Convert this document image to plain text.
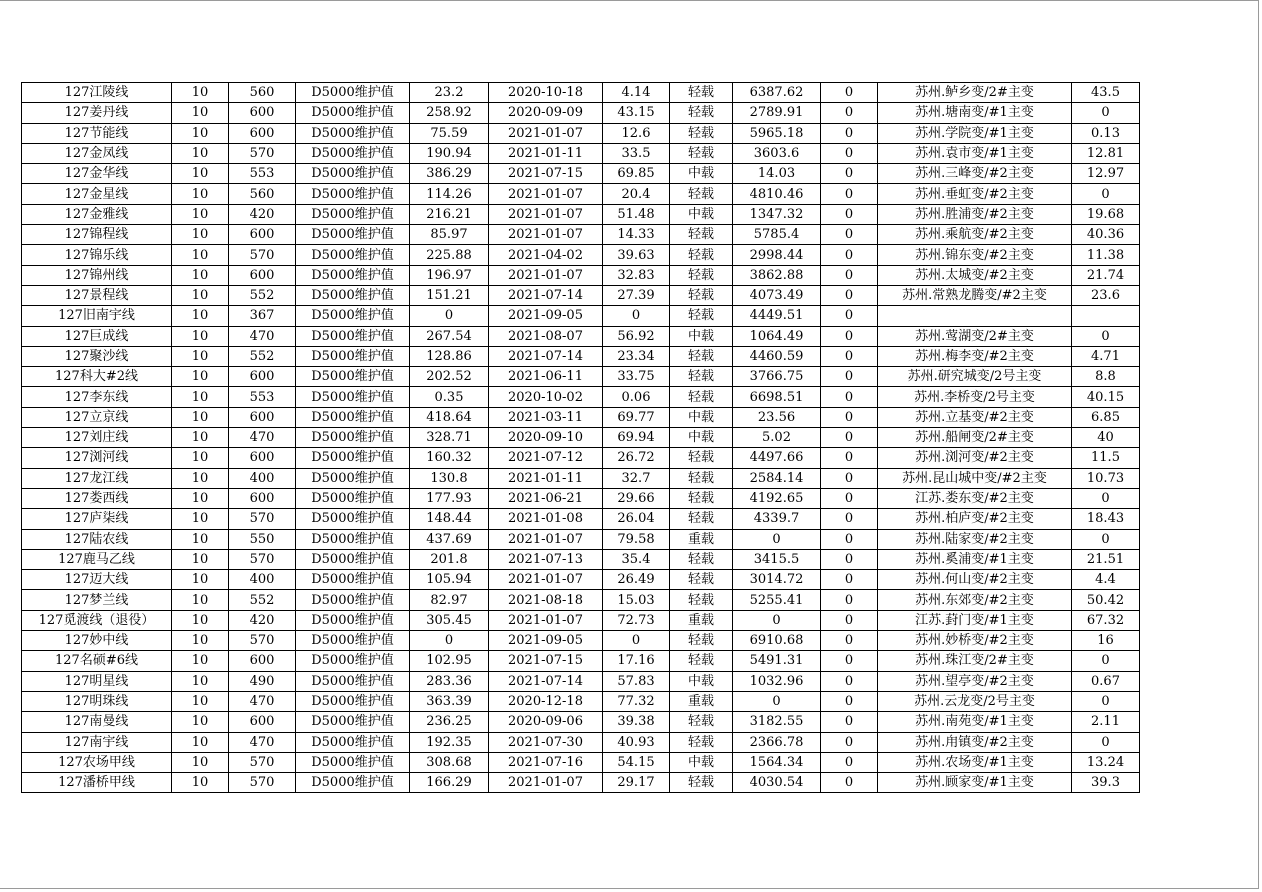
127江陵线	10	560	D5000维护值	23.2	2020-10-18	4.14	轻载	6387.62	0	苏州.鲈乡变/2#主变	43.5
127姜丹线	10	600	D5000维护值	258.92	2020-09-09	43.15	轻载	2789.91	0	苏州.塘南变/#1主变	0
127节能线	10	600	D5000维护值	75.59	2021-01-07	12.6	轻载	5965.18	0	苏州.学院变/#1主变	0.13
127金凤线	10	570	D5000维护值	190.94	2021-01-11	33.5	轻载	3603.6	0	苏州.袁市变/#1主变	12.81
127金华线	10	553	D5000维护值	386.29	2021-07-15	69.85	中载	14.03	0	苏州.三峰变/#2主变	12.97
127金星线	10	560	D5000维护值	114.26	2021-01-07	20.4	轻载	4810.46	0	苏州.垂虹变/#2主变	0
127金雅线	10	420	D5000维护值	216.21	2021-01-07	51.48	中载	1347.32	0	苏州.胜浦变/#2主变	19.68
127锦程线	10	600	D5000维护值	85.97	2021-01-07	14.33	轻载	5785.4	0	苏州.乘航变/#2主变	40.36
127锦乐线	10	570	D5000维护值	225.88	2021-04-02	39.63	轻载	2998.44	0	苏州.锦东变/#2主变	11.38
127锦州线	10	600	D5000维护值	196.97	2021-01-07	32.83	轻载	3862.88	0	苏州.太城变/#2主变	21.74
127景程线	10	552	D5000维护值	151.21	2021-07-14	27.39	轻载	4073.49	0	苏州.常熟龙腾变/#2主变	23.6
127旧南宇线	10	367	D5000维护值	0	2021-09-05	0	轻载	4449.51	0		
127巨成线	10	470	D5000维护值	267.54	2021-08-07	56.92	中载	1064.49	0	苏州.莺湖变/2#主变	0
127聚沙线	10	552	D5000维护值	128.86	2021-07-14	23.34	轻载	4460.59	0	苏州.梅李变/#2主变	4.71
127科大#2线	10	600	D5000维护值	202.52	2021-06-11	33.75	轻载	3766.75	0	苏州.研究城变/2号主变	8.8
127李东线	10	553	D5000维护值	0.35	2020-10-02	0.06	轻载	6698.51	0	苏州.李桥变/2号主变	40.15
127立京线	10	600	D5000维护值	418.64	2021-03-11	69.77	中载	23.56	0	苏州.立基变/#2主变	6.85
127刘庄线	10	470	D5000维护值	328.71	2020-09-10	69.94	中载	5.02	0	苏州.船闸变/2#主变	40
127浏河线	10	600	D5000维护值	160.32	2021-07-12	26.72	轻载	4497.66	0	苏州.浏河变/#2主变	11.5
127龙江线	10	400	D5000维护值	130.8	2021-01-11	32.7	轻载	2584.14	0	苏州.昆山城中变/#2主变	10.73
127娄西线	10	600	D5000维护值	177.93	2021-06-21	29.66	轻载	4192.65	0	江苏.娄东变/#2主变	0
127庐柒线	10	570	D5000维护值	148.44	2021-01-08	26.04	轻载	4339.7	0	苏州.柏庐变/#2主变	18.43
127陆农线	10	550	D5000维护值	437.69	2021-01-07	79.58	重载	0	0	苏州.陆家变/#2主变	0
127鹿马乙线	10	570	D5000维护值	201.8	2021-07-13	35.4	轻载	3415.5	0	苏州.奚浦变/#1主变	21.51
127迈大线	10	400	D5000维护值	105.94	2021-01-07	26.49	轻载	3014.72	0	苏州.何山变/#2主变	4.4
127梦兰线	10	552	D5000维护值	82.97	2021-08-18	15.03	轻载	5255.41	0	苏州.东郊变/#2主变	50.42
127觅渡线（退役）	10	420	D5000维护值	305.45	2021-01-07	72.73	重载	0	0	江苏.葑门变/#1主变	67.32
127妙中线	10	570	D5000维护值	0	2021-09-05	0	轻载	6910.68	0	苏州.妙桥变/#2主变	16
127名硕#6线	10	600	D5000维护值	102.95	2021-07-15	17.16	轻载	5491.31	0	苏州.珠江变/2#主变	0
127明星线	10	490	D5000维护值	283.36	2021-07-14	57.83	中载	1032.96	0	苏州.望亭变/#2主变	0.67
127明珠线	10	470	D5000维护值	363.39	2020-12-18	77.32	重载	0	0	苏州.云龙变/2号主变	0
127南曼线	10	600	D5000维护值	236.25	2020-09-06	39.38	轻载	3182.55	0	苏州.南苑变/#1主变	2.11
127南宇线	10	470	D5000维护值	192.35	2021-07-30	40.93	轻载	2366.78	0	苏州.甪镇变/#2主变	0
127农场甲线	10	570	D5000维护值	308.68	2021-07-16	54.15	中载	1564.34	0	苏州.农场变/#1主变	13.24
127潘桥甲线	10	570	D5000维护值	166.29	2021-01-07	29.17	轻载	4030.54	0	苏州.顾家变/#1主变	39.3
